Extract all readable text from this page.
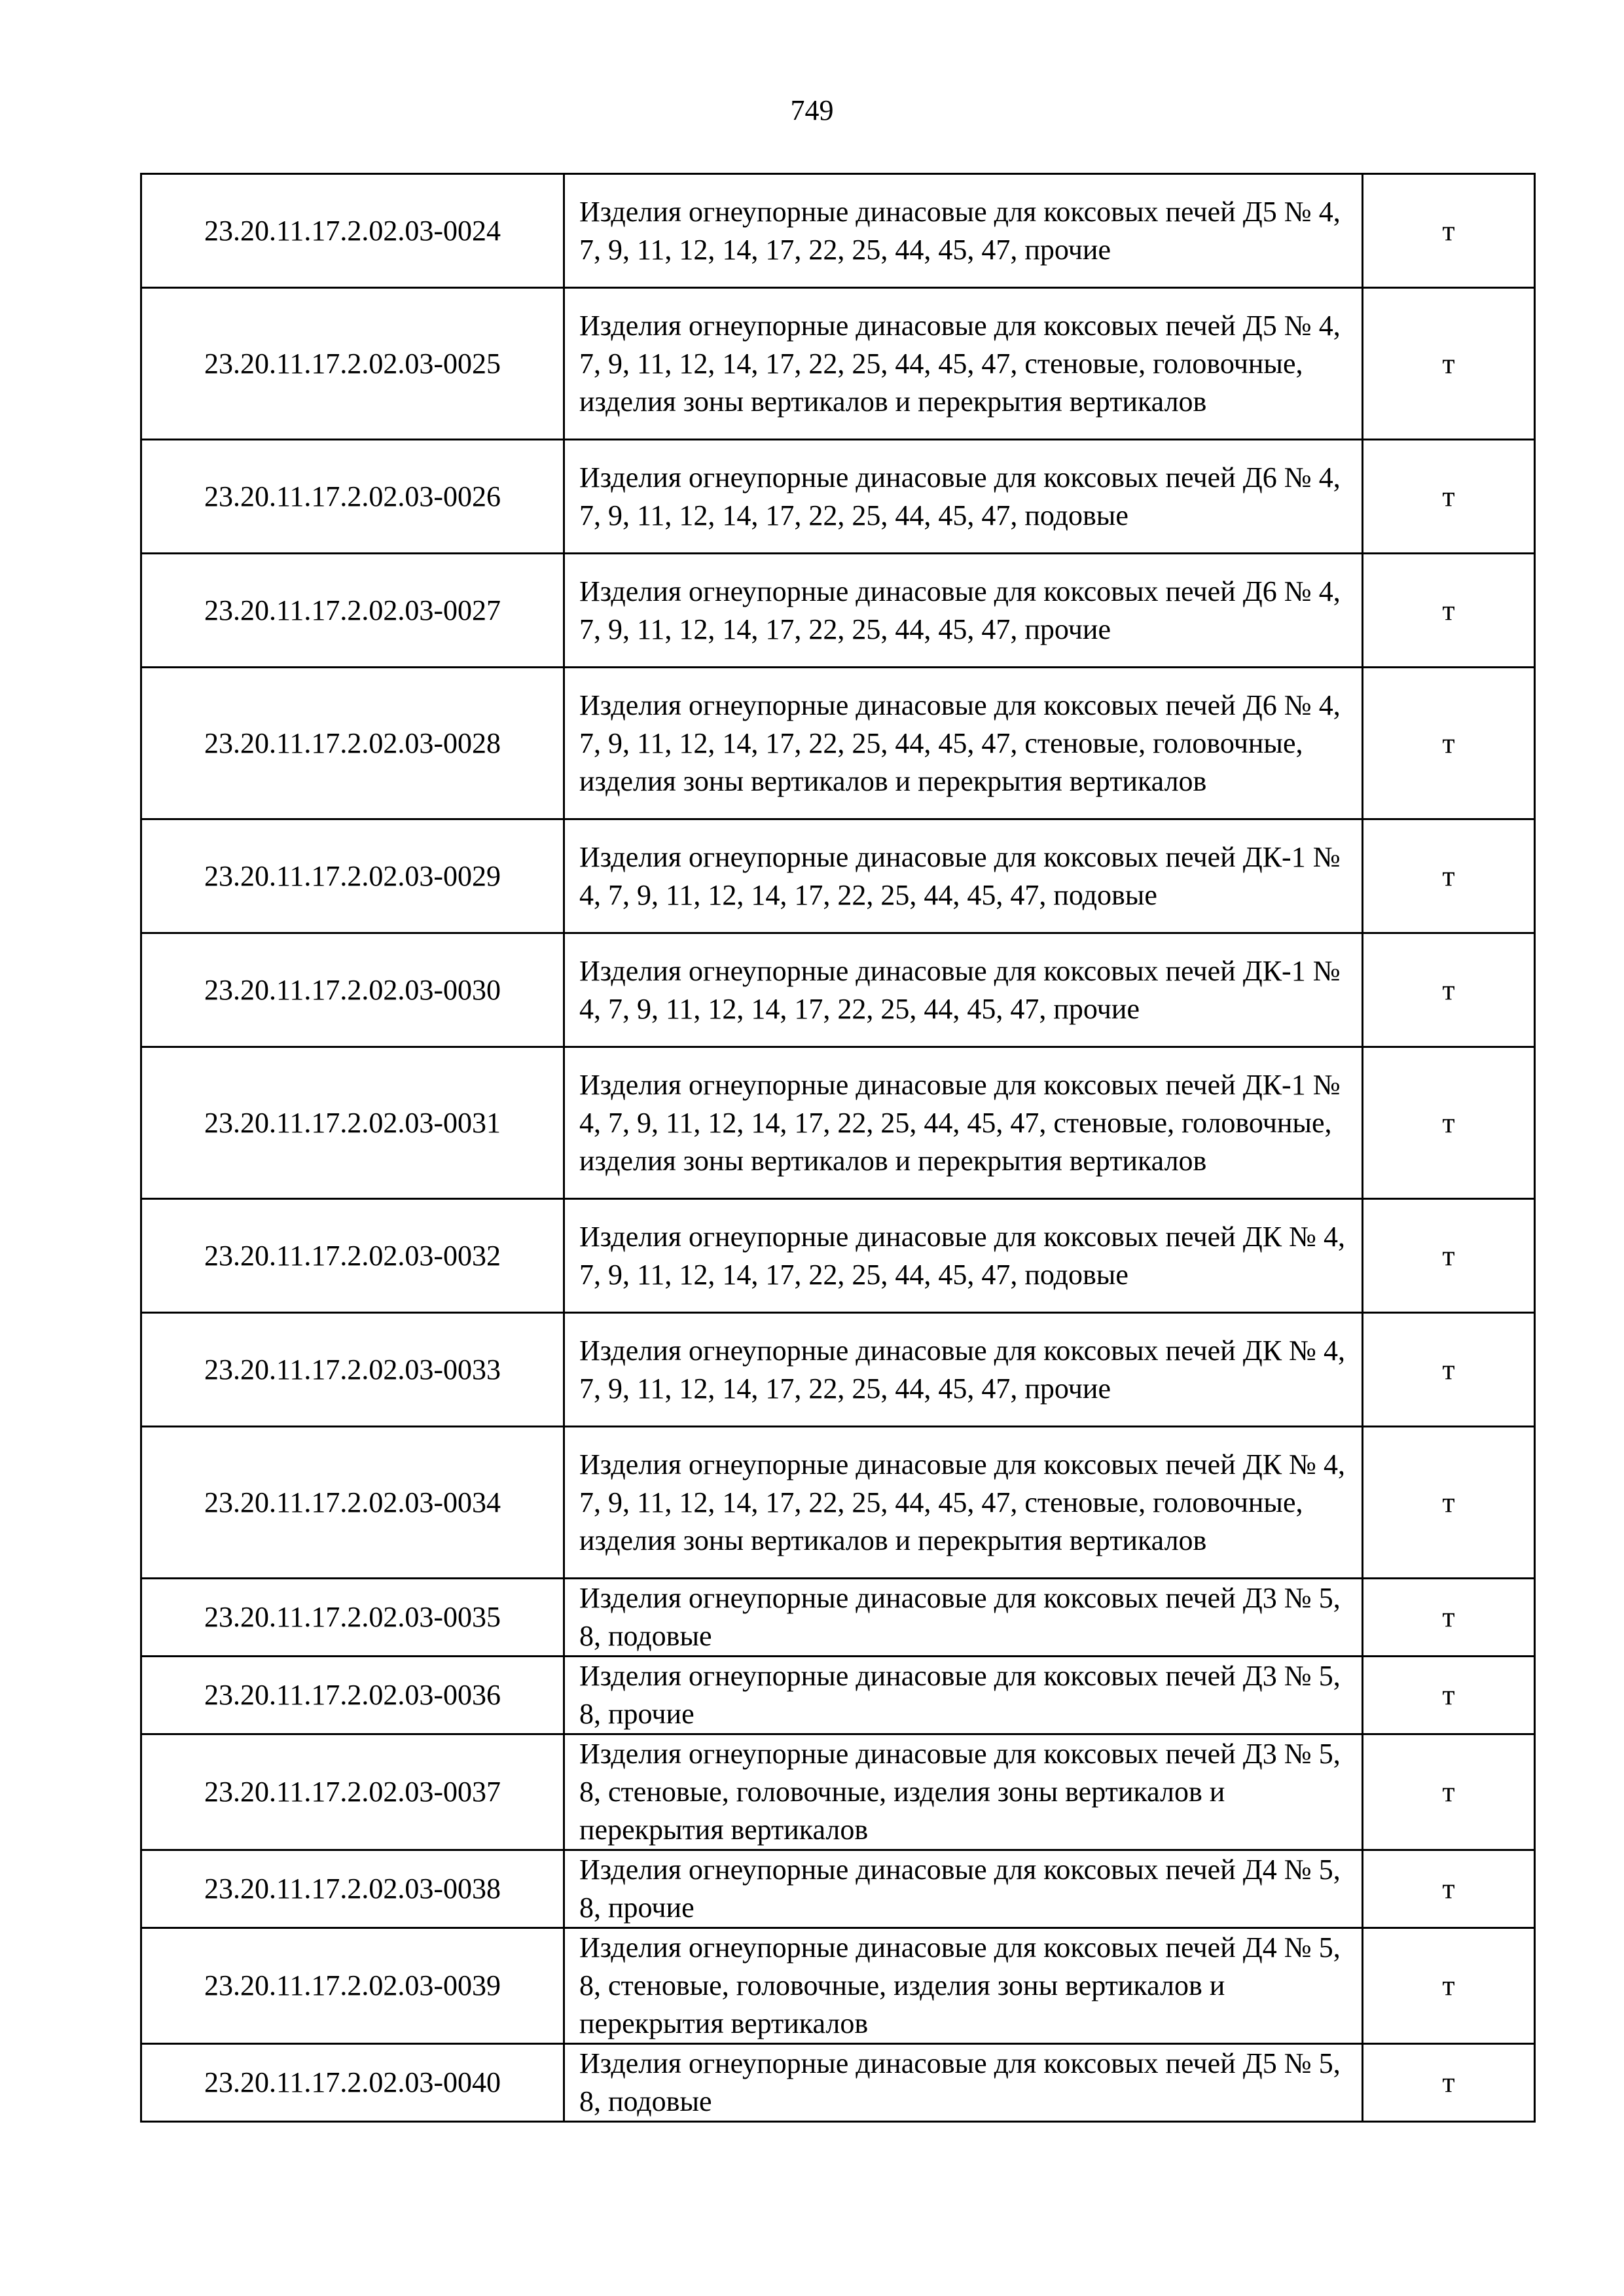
749
23.20.11.17.2.02.03-0024	Изделия огнеупорные динасовые для коксовых печей Д5 № 4, 7, 9, 11, 12, 14, 17, 22, 25, 44, 45, 47, прочие	т
23.20.11.17.2.02.03-0025	Изделия огнеупорные динасовые для коксовых печей Д5 № 4, 7, 9, 11, 12, 14, 17, 22, 25, 44, 45, 47, стеновые, головочные, изделия зоны вертикалов и перекрытия вертикалов	т
23.20.11.17.2.02.03-0026	Изделия огнеупорные динасовые для коксовых печей Д6 № 4, 7, 9, 11, 12, 14, 17, 22, 25, 44, 45, 47, подовые	т
23.20.11.17.2.02.03-0027	Изделия огнеупорные динасовые для коксовых печей Д6 № 4, 7, 9, 11, 12, 14, 17, 22, 25, 44, 45, 47, прочие	т
23.20.11.17.2.02.03-0028	Изделия огнеупорные динасовые для коксовых печей Д6 № 4, 7, 9, 11, 12, 14, 17, 22, 25, 44, 45, 47, стеновые, головочные, изделия зоны вертикалов и перекрытия вертикалов	т
23.20.11.17.2.02.03-0029	Изделия огнеупорные динасовые для коксовых печей ДК-1 № 4, 7, 9, 11, 12, 14, 17, 22, 25, 44, 45, 47, подовые	т
23.20.11.17.2.02.03-0030	Изделия огнеупорные динасовые для коксовых печей ДК-1 № 4, 7, 9, 11, 12, 14, 17, 22, 25, 44, 45, 47, прочие	т
23.20.11.17.2.02.03-0031	Изделия огнеупорные динасовые для коксовых печей ДК-1 № 4, 7, 9, 11, 12, 14, 17, 22, 25, 44, 45, 47, стеновые, головочные, изделия зоны вертикалов и перекрытия вертикалов	т
23.20.11.17.2.02.03-0032	Изделия огнеупорные динасовые для коксовых печей ДК № 4, 7, 9, 11, 12, 14, 17, 22, 25, 44, 45, 47, подовые	т
23.20.11.17.2.02.03-0033	Изделия огнеупорные динасовые для коксовых печей ДК № 4, 7, 9, 11, 12, 14, 17, 22, 25, 44, 45, 47, прочие	т
23.20.11.17.2.02.03-0034	Изделия огнеупорные динасовые для коксовых печей ДК № 4, 7, 9, 11, 12, 14, 17, 22, 25, 44, 45, 47, стеновые, головочные, изделия зоны вертикалов и перекрытия вертикалов	т
23.20.11.17.2.02.03-0035	Изделия огнеупорные динасовые для коксовых печей Д3 № 5, 8, подовые	т
23.20.11.17.2.02.03-0036	Изделия огнеупорные динасовые для коксовых печей Д3 № 5, 8, прочие	т
23.20.11.17.2.02.03-0037	Изделия огнеупорные динасовые для коксовых печей Д3 № 5, 8, стеновые, головочные, изделия зоны вертикалов и перекрытия вертикалов	т
23.20.11.17.2.02.03-0038	Изделия огнеупорные динасовые для коксовых печей Д4 № 5, 8, прочие	т
23.20.11.17.2.02.03-0039	Изделия огнеупорные динасовые для коксовых печей Д4 № 5, 8, стеновые, головочные, изделия зоны вертикалов и перекрытия вертикалов	т
23.20.11.17.2.02.03-0040	Изделия огнеупорные динасовые для коксовых печей Д5 № 5, 8, подовые	т
